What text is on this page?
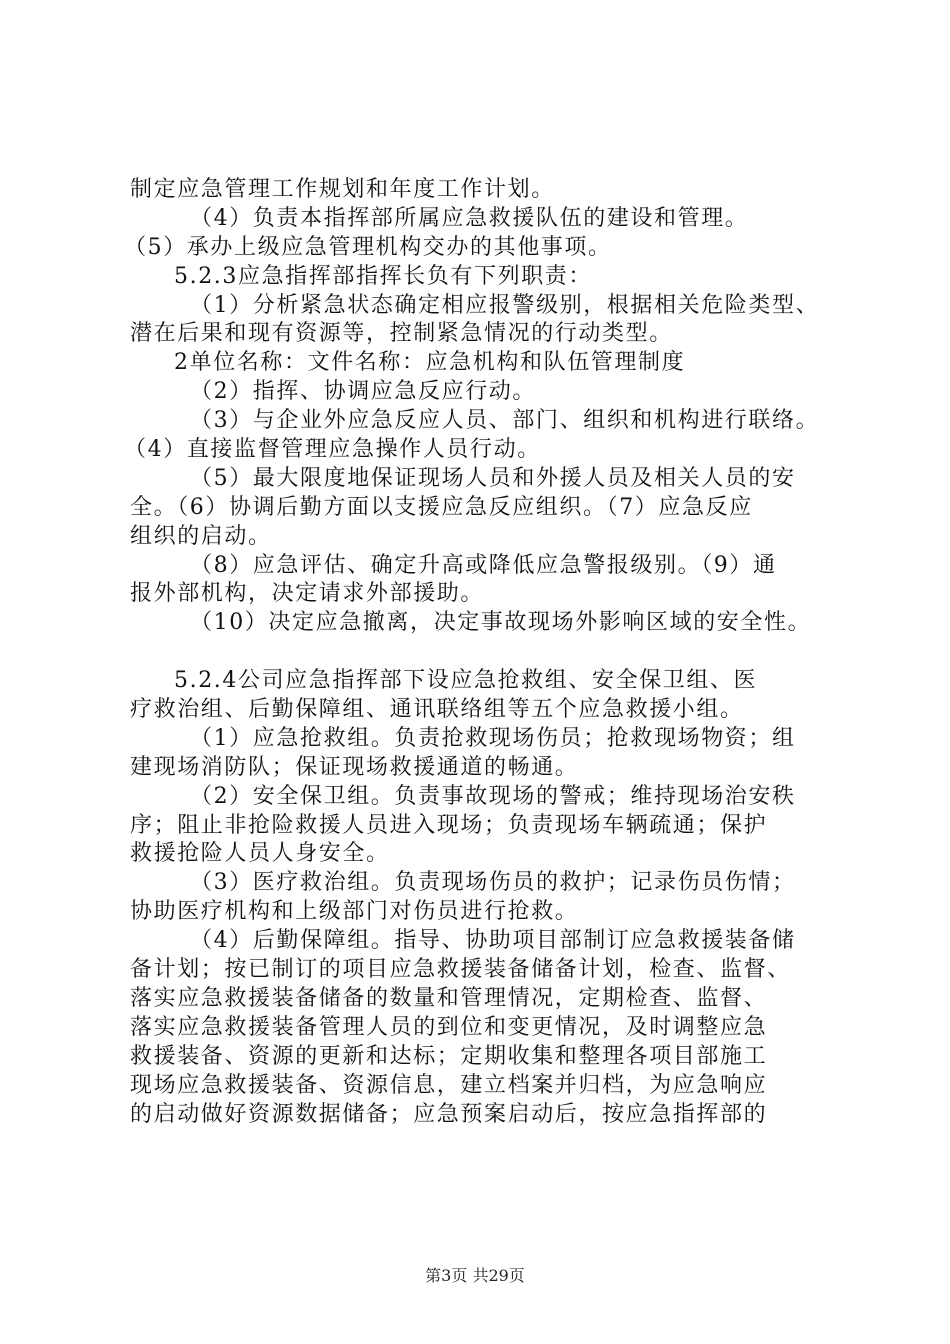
制定应急管理工作规划和年度工作计划。
（4）负责本指挥部所属应急救援队伍的建设和管理。
（5）承办上级应急管理机构交办的其他事项。
5.2.3应急指挥部指挥长负有下列职责：
（1）分析紧急状态确定相应报警级别，根据相关危险类型、
潜在后果和现有资源等，控制紧急情况的行动类型。
2单位名称：文件名称：应急机构和队伍管理制度
（2）指挥、协调应急反应行动。
（3）与企业外应急反应人员、部门、组织和机构进行联络。
（4）直接监督管理应急操作人员行动。
（5）最大限度地保证现场人员和外援人员及相关人员的安
全。（6）协调后勤方面以支援应急反应组织。（7）应急反应
组织的启动。
（8）应急评估、确定升高或降低应急警报级别。（9）通
报外部机构，决定请求外部援助。
（10）决定应急撤离，决定事故现场外影响区域的安全性。
5.2.4公司应急指挥部下设应急抢救组、安全保卫组、医
疗救治组、后勤保障组、通讯联络组等五个应急救援小组。
（1）应急抢救组。负责抢救现场伤员；抢救现场物资；组
建现场消防队；保证现场救援通道的畅通。
（2）安全保卫组。负责事故现场的警戒；维持现场治安秩
序；阻止非抢险救援人员进入现场；负责现场车辆疏通；保护
救援抢险人员人身安全。
（3）医疗救治组。负责现场伤员的救护；记录伤员伤情；
协助医疗机构和上级部门对伤员进行抢救。
（4）后勤保障组。指导、协助项目部制订应急救援装备储
备计划；按已制订的项目应急救援装备储备计划，检查、监督、
落实应急救援装备储备的数量和管理情况，定期检查、监督、
落实应急救援装备管理人员的到位和变更情况，及时调整应急
救援装备、资源的更新和达标；定期收集和整理各项目部施工
现场应急救援装备、资源信息，建立档案并归档，为应急响应
的启动做好资源数据储备；应急预案启动后，按应急指挥部的
第3页 共29页
